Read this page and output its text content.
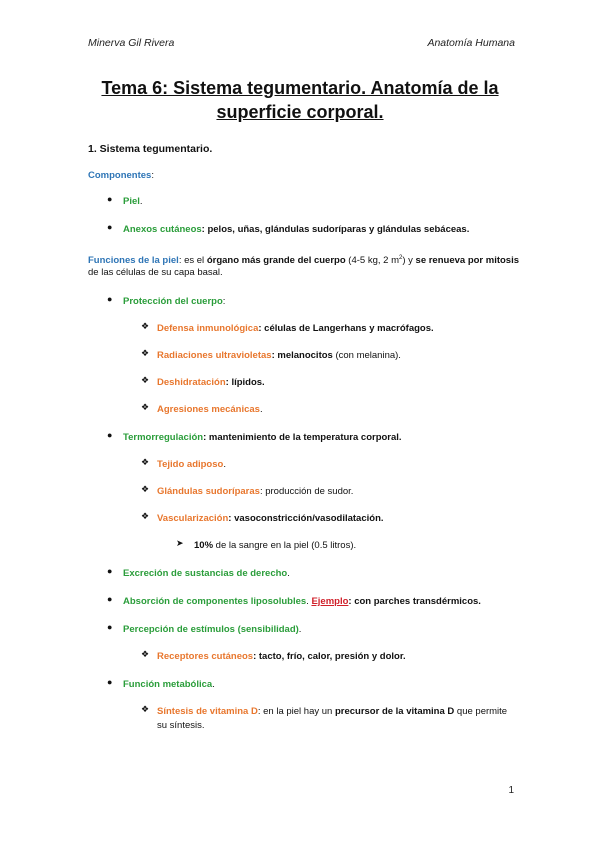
Minerva Gil Rivera	Anatomía Humana
Tema 6: Sistema tegumentario. Anatomía de la
superficie corporal.
1. Sistema tegumentario.
Componentes:
● Piel.
● Anexos cutáneos: pelos, uñas, glándulas sudoríparas y glándulas sebáceas.
Funciones de la piel: es el órgano más grande del cuerpo (4-5 kg, 2 $m^2$) y se renueva por mitosis
de las células de su capa basal.
● Protección del cuerpo:
❖ Defensa inmunológica: células de Langerhans y macrófagos.
❖ Radiaciones ultravioletas: melanocitos (con melanina).
❖ Deshidratación: lípidos.
❖ Agresiones mecánicas.
● Termorregulación: mantenimiento de la temperatura corporal.
❖ Tejido adiposo.
❖ Glándulas sudoríparas: producción de sudor.
❖ Vascularización: vasoconstricción/vasodilatación.
➤ 10% de la sangre en la piel (0.5 litros).
● Excreción de sustancias de derecho.
● Absorción de componentes liposolubles. Ejemplo: con parches transdérmicos.
● Percepción de estímulos (sensibilidad).
❖ Receptores cutáneos: tacto, frío, calor, presión y dolor.
● Función metabólica.
❖ Síntesis de vitamina D: en la piel hay un precursor de la vitamina D que permite
su síntesis.
1
